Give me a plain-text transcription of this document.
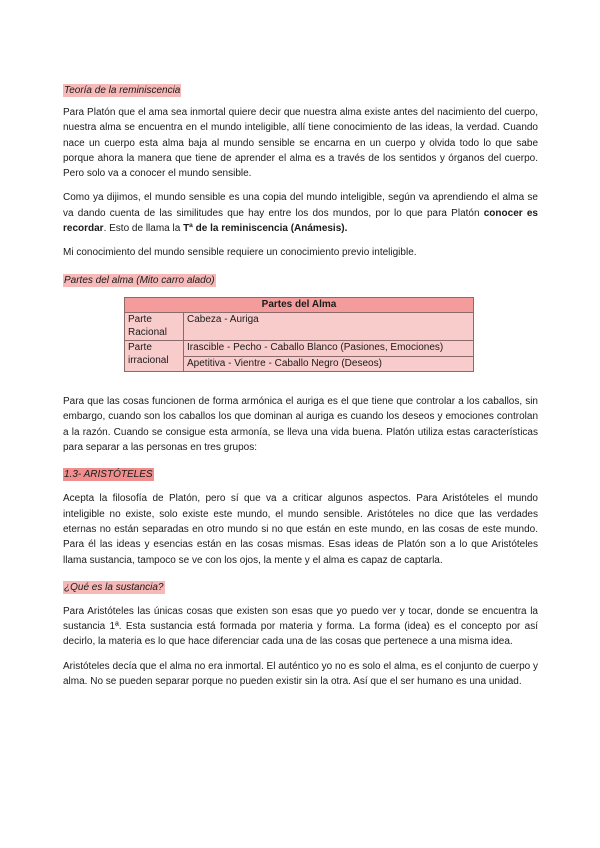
Teoría de la reminiscencia

Para Platón que el ama sea inmortal quiere decir que nuestra alma existe antes del nacimiento del cuerpo, nuestra alma se encuentra en el mundo inteligible, allí tiene conocimiento de las ideas, la verdad. Cuando nace un cuerpo esta alma baja al mundo sensible se encarna en un cuerpo y olvida todo lo que sabe porque ahora la manera que tiene de aprender el alma es a través de los sentidos y órganos del cuerpo. Pero solo va a conocer el mundo sensible.

Como ya dijimos, el mundo sensible es una copia del mundo inteligible, según va aprendiendo el alma se va dando cuenta de las similitudes que hay entre los dos mundos, por lo que para Platón conocer es recordar. Esto de llama la Tª de la reminiscencia (Anámesis).

Mi conocimiento del mundo sensible requiere un conocimiento previo inteligible.

Partes del alma (Mito carro alado)
Partes del Alma	
Parte Racional	Cabeza - Auriga
Parte irracional	Irascible - Pecho - Caballo Blanco (Pasiones, Emociones)
	Apetitiva - Vientre - Caballo Negro (Deseos)

Para que las cosas funcionen de forma armónica el auriga es el que tiene que controlar a los caballos, sin embargo, cuando son los caballos los que dominan al auriga es cuando los deseos y emociones controlan a la razón. Cuando se consigue esta armonía, se lleva una vida buena. Platón utiliza estas características para separar a las personas en tres grupos:

1.3- ARISTÓTELES

Acepta la filosofía de Platón, pero sí que va a criticar algunos aspectos. Para Aristóteles el mundo inteligible no existe, solo existe este mundo, el mundo sensible. Aristóteles no dice que las verdades eternas no están separadas en otro mundo si no que están en este mundo, en las cosas de este mundo. Para él las ideas y esencias están en las cosas mismas. Esas ideas de Platón son a lo que Aristóteles llama sustancia, tampoco se ve con los ojos, la mente y el alma es capaz de captarla.

¿Qué es la sustancia?

Para Aristóteles las únicas cosas que existen son esas que yo puedo ver y tocar, donde se encuentra la sustancia 1ª. Esta sustancia está formada por materia y forma. La forma (idea) es el concepto por así decirlo, la materia es lo que hace diferenciar cada una de las cosas que pertenece a una misma idea.

Aristóteles decía que el alma no era inmortal. El auténtico yo no es solo el alma, es el conjunto de cuerpo y alma. No se pueden separar porque no pueden existir sin la otra. Así que el ser humano es una unidad.
